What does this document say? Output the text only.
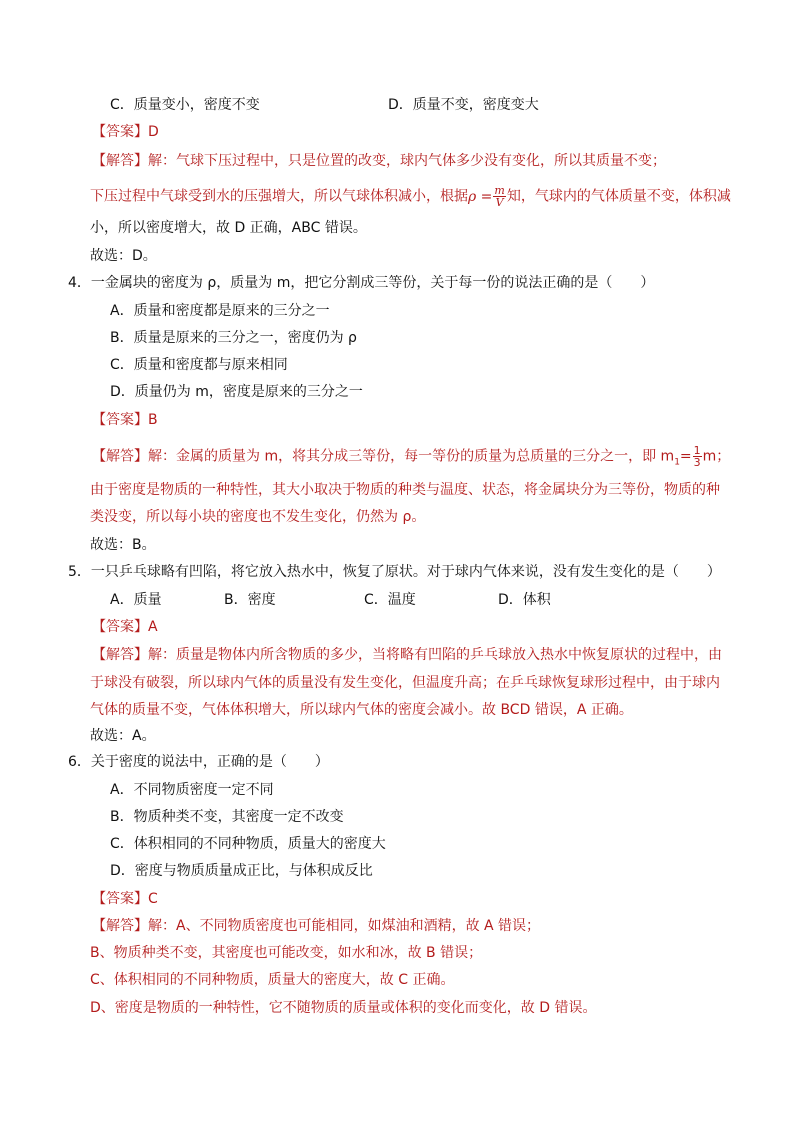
C．质量变小，密度不变	D．质量不变，密度变大
【答案】D
【解答】解：气球下压过程中，只是位置的改变，球内气体多少没有变化，所以其质量不变；
下压过程中气球受到水的压强增大，所以气球体积减小，根据$\rho = \frac{m}{V}$ 知，气球内的气体质量不变，体积减
小，所以密度增大，故 D 正确，ABC 错误。
故选：D。
4．一金属块的密度为 ρ，质量为 m，把它分割成三等份，关于每一份的说法正确的是（　　）
A．质量和密度都是原来的三分之一
B．质量是原来的三分之一，密度仍为 ρ
C．质量和密度都与原来相同
D．质量仍为 m，密度是原来的三分之一
【答案】B
【解答】解：金属的质量为 m，将其分成三等份，每一等份的质量为总质量的三分之一，即 $m_1= \frac{1}{3}$ m；
由于密度是物质的一种特性，其大小取决于物质的种类与温度、状态，将金属块分为三等份，物质的种
类没变，所以每小块的密度也不发生变化，仍然为 ρ。
故选：B。
5．一只乒乓球略有凹陷，将它放入热水中，恢复了原状。对于球内气体来说，没有发生变化的是（　　）
A．质量	B．密度	C．温度	D．体积
【答案】A
【解答】解：质量是物体内所含物质的多少，当将略有凹陷的乒乓球放入热水中恢复原状的过程中，由
于球没有破裂，所以球内气体的质量没有发生变化，但温度升高；在乒乓球恢复球形过程中，由于球内
气体的质量不变，气体体积增大，所以球内气体的密度会减小。故 BCD 错误，A 正确。
故选：A。
6．关于密度的说法中，正确的是（　　）
A．不同物质密度一定不同
B．物质种类不变，其密度一定不改变
C．体积相同的不同种物质，质量大的密度大
D．密度与物质质量成正比，与体积成反比
【答案】C
【解答】解：A、不同物质密度也可能相同，如煤油和酒精，故 A 错误；
B、物质种类不变，其密度也可能改变，如水和冰，故 B 错误；
C、体积相同的不同种物质，质量大的密度大，故 C 正确。
D、密度是物质的一种特性，它不随物质的质量或体积的变化而变化，故 D 错误。
